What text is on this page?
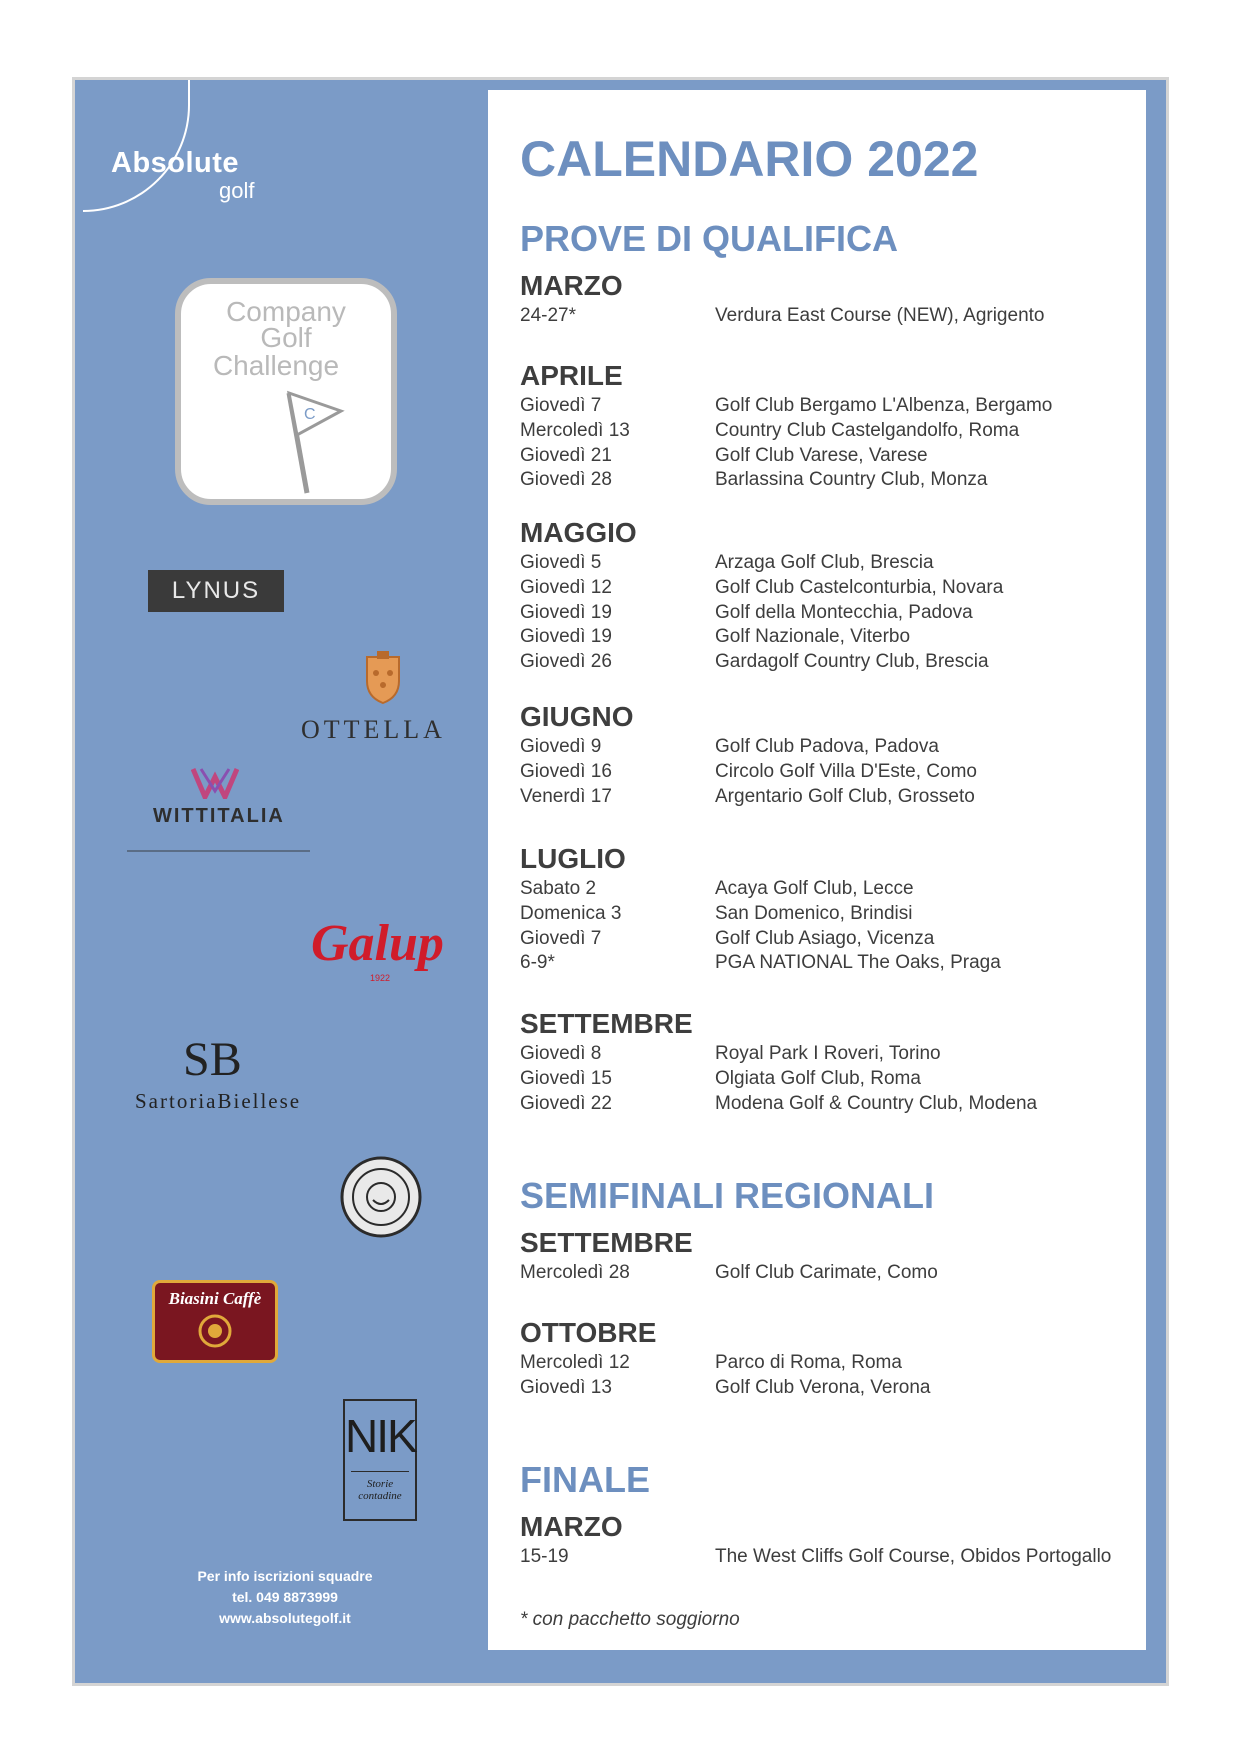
Absolute
golf
Company
Golf
Challenge
C
LYNUS
OTTELLA
WITTITALIA
Galup
1922
SB
SartoriaBiellese
Biasini Caffè
NIK
Storie contadine
Per info iscrizioni squadre
tel. 049 8873999
www.absolutegolf.it
CALENDARIO 2022
PROVE DI QUALIFICA
MARZO
24-27*	Verdura East Course (NEW), Agrigento
APRILE
Giovedì 7	Golf Club Bergamo L'Albenza, Bergamo
Mercoledì 13	Country Club Castelgandolfo, Roma
Giovedì 21	Golf Club Varese, Varese
Giovedì 28	Barlassina Country Club, Monza
MAGGIO
Giovedì 5	Arzaga Golf Club, Brescia
Giovedì 12	Golf Club Castelconturbia, Novara
Giovedì 19	Golf della Montecchia, Padova
Giovedì 19	Golf Nazionale, Viterbo
Giovedì 26	Gardagolf Country Club, Brescia
GIUGNO
Giovedì 9	Golf Club Padova, Padova
Giovedì 16	Circolo Golf Villa D'Este, Como
Venerdì 17	Argentario Golf Club, Grosseto
LUGLIO
Sabato 2	Acaya Golf Club, Lecce
Domenica 3	San Domenico, Brindisi
Giovedì 7	Golf Club Asiago, Vicenza
6-9*	PGA NATIONAL The Oaks, Praga
SETTEMBRE
Giovedì 8	Royal Park I Roveri, Torino
Giovedì 15	Olgiata Golf Club, Roma
Giovedì 22	Modena Golf & Country Club, Modena
SEMIFINALI REGIONALI
SETTEMBRE
Mercoledì 28	Golf Club Carimate, Como
OTTOBRE
Mercoledì 12	Parco di Roma, Roma
Giovedì 13	Golf Club Verona, Verona
FINALE
MARZO
15-19	The West Cliffs Golf Course, Obidos Portogallo
* con pacchetto soggiorno
